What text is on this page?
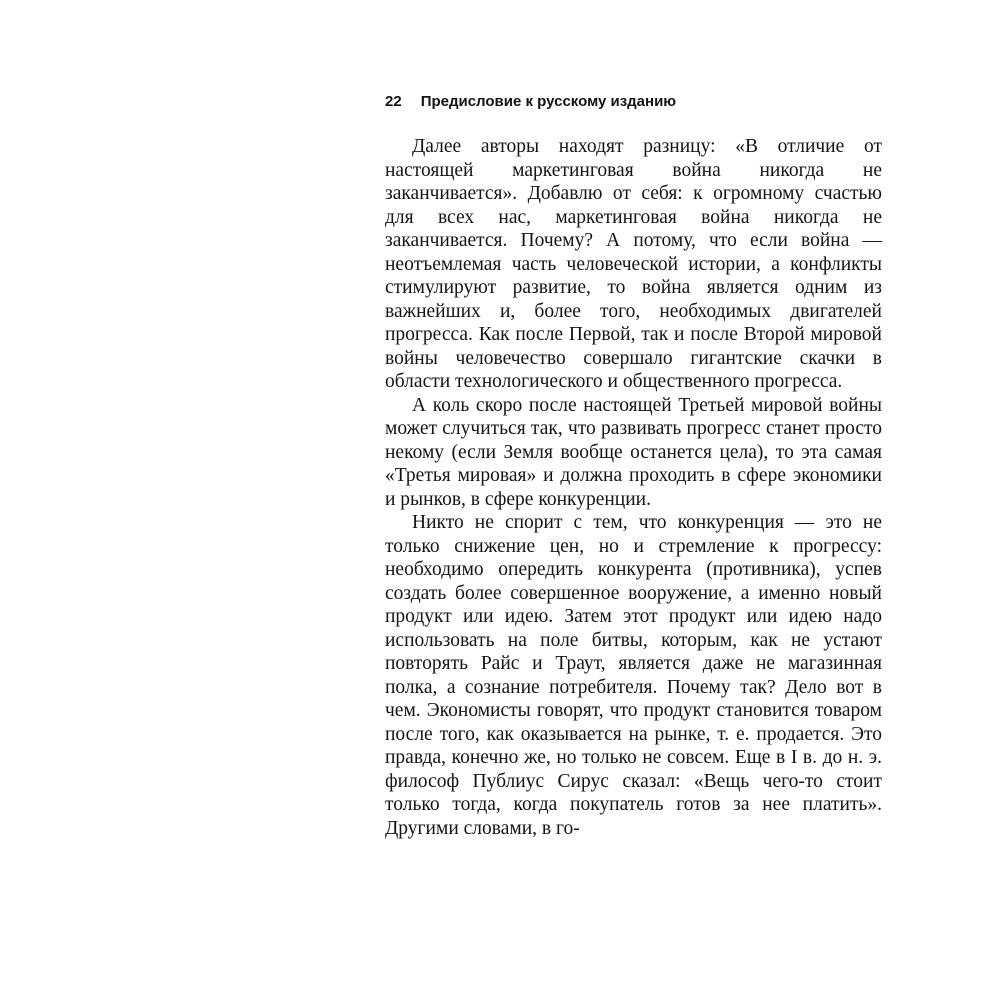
22 Предисловие к русскому изданию

Далее авторы находят разницу: «В отличие от настоящей маркетинговая война никогда не заканчивается». Добавлю от себя: к огромному счастью для всех нас, маркетинговая война никогда не заканчивается. Почему? А потому, что если война — неотъемлемая часть человеческой истории, а конфликты стимулируют развитие, то война является одним из важнейших и, более того, необходимых двигателей прогресса. Как после Первой, так и после Второй мировой войны человечество совершало гигантские скачки в области технологического и общественного прогресса.

А коль скоро после настоящей Третьей мировой войны может случиться так, что развивать прогресс станет просто некому (если Земля вообще останется цела), то эта самая «Третья мировая» и должна проходить в сфере экономики и рынков, в сфере конкуренции.

Никто не спорит с тем, что конкуренция — это не только снижение цен, но и стремление к прогрессу: необходимо опередить конкурента (противника), успев создать более совершенное вооружение, а именно новый продукт или идею. Затем этот продукт или идею надо использовать на поле битвы, которым, как не устают повторять Райс и Траут, является даже не магазинная полка, а сознание потребителя. Почему так? Дело вот в чем. Экономисты говорят, что продукт становится товаром после того, как оказывается на рынке, т. е. продается. Это правда, конечно же, но только не совсем. Еще в I в. до н. э. философ Публиус Сирус сказал: «Вещь чего-то стоит только тогда, когда покупатель готов за нее платить». Другими словами, в го-
